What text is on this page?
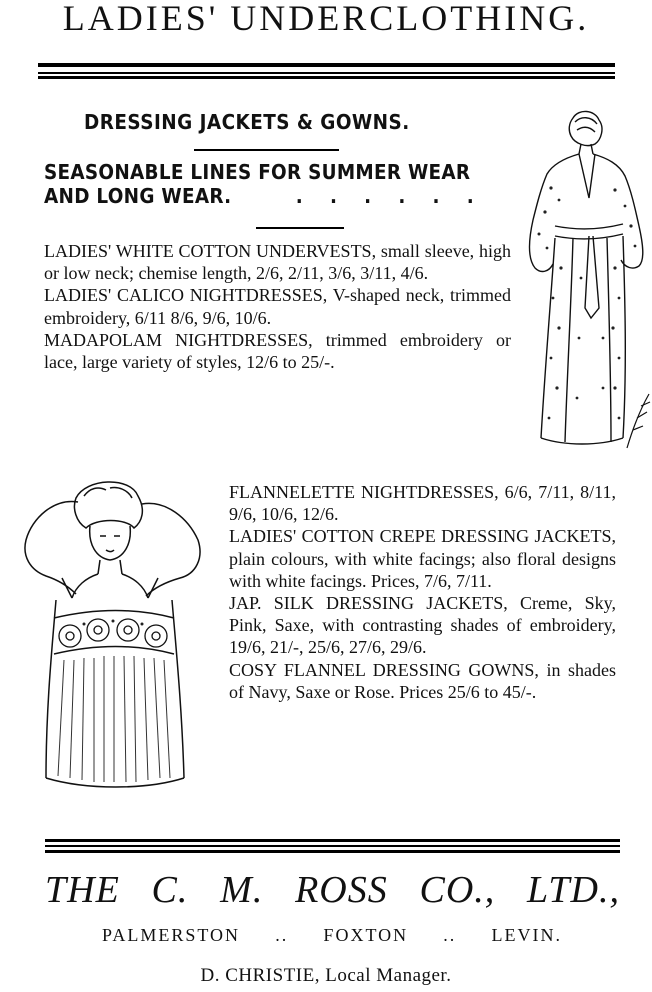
LADIES' UNDERCLOTHING.
DRESSING JACKETS & GOWNS.
SEASONABLE LINES FOR SUMMER WEAR
AND LONG WEAR.	. . . . . .

LADIES' WHITE COTTON UNDERVESTS, small sleeve, high or low neck; chemise length, 2/6, 2/11, 3/6, 3/11, 4/6.

LADIES' CALICO NIGHTDRESSES, V-shaped neck, trimmed embroidery, 6/11 8/6, 9/6, 10/6.

MADAPOLAM NIGHTDRESSES, trimmed embroidery or lace, large variety of styles, 12/6 to 25/-.

FLANNELETTE NIGHTDRESSES, 6/6, 7/11, 8/11, 9/6, 10/6, 12/6.

LADIES' COTTON CREPE DRESSING JACKETS, plain colours, with white facings; also floral designs with white facings. Prices, 7/6, 7/11.

JAP. SILK DRESSING JACKETS, Creme, Sky, Pink, Saxe, with contrasting shades of embroidery, 19/6, 21/-, 25/6, 27/6, 29/6.

COSY FLANNEL DRESSING GOWNS, in shades of Navy, Saxe or Rose. Prices 25/6 to 45/-.

THE C. M. ROSS CO., LTD.,
PALMERSTON .. FOXTON .. LEVIN.
D. CHRISTIE, Local Manager.
